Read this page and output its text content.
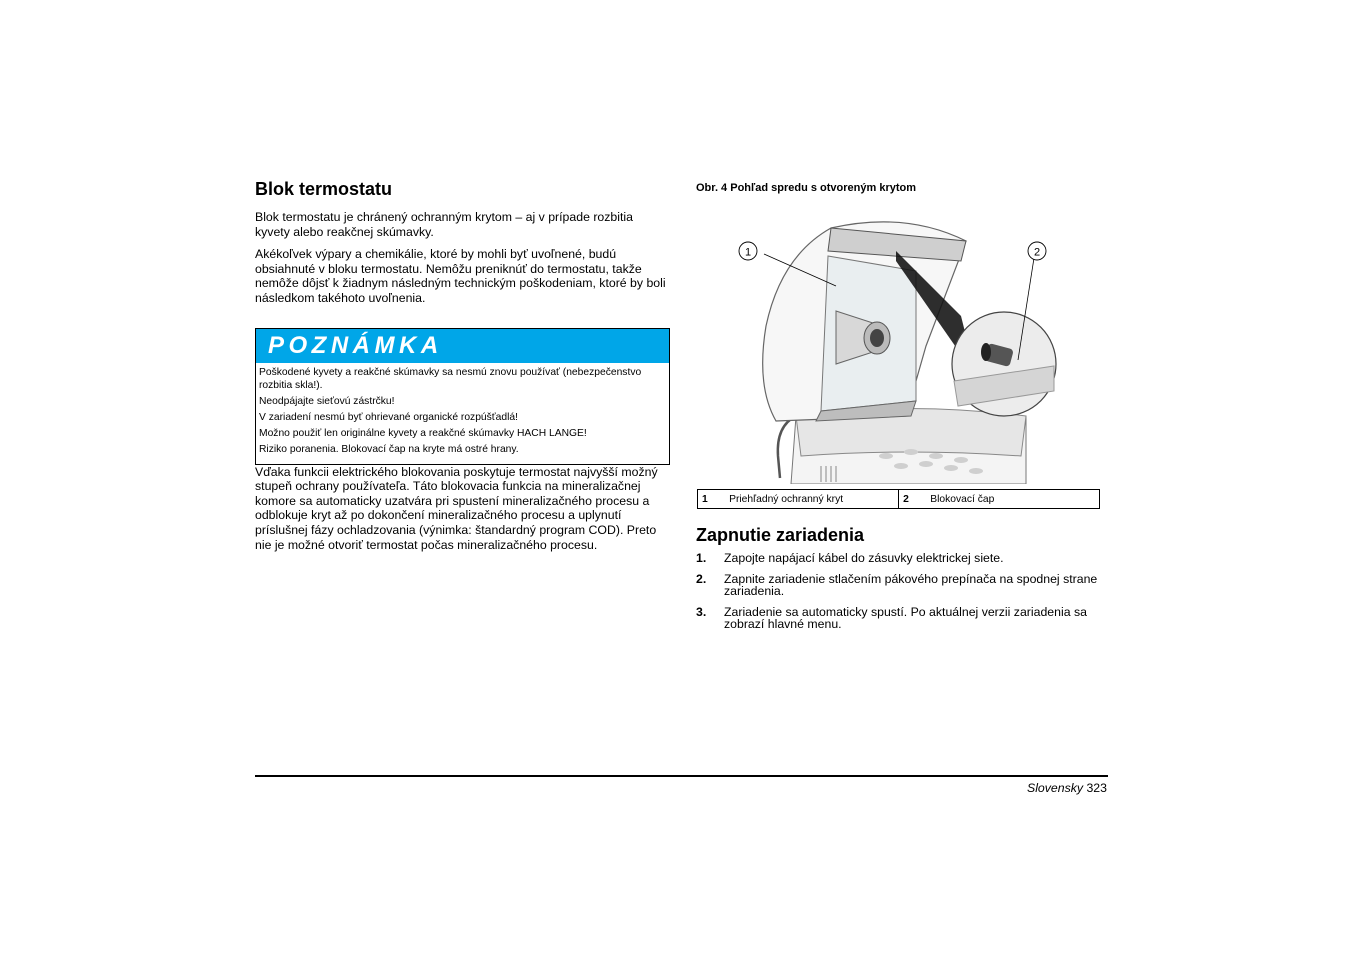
Blok termostatu

Blok termostatu je chránený ochranným krytom – aj v prípade rozbitia kyvety alebo reakčnej skúmavky.

Akékoľvek výpary a chemikálie, ktoré by mohli byť uvoľnené, budú obsiahnuté v bloku termostatu. Nemôžu preniknúť do termostatu, takže nemôže dôjsť k žiadnym následným technickým poškodeniam, ktoré by boli následkom takéhoto uvoľnenia.

POZNÁMKA
Poškodené kyvety a reakčné skúmavky sa nesmú znovu používať (nebezpečenstvo rozbitia skla!).
Neodpájajte sieťovú zástrčku!
V zariadení nesmú byť ohrievané organické rozpúšťadlá!
Možno použiť len originálne kyvety a reakčné skúmavky HACH LANGE!
Riziko poranenia. Blokovací čap na kryte má ostré hrany.

Vďaka funkcii elektrického blokovania poskytuje termostat najvyšší možný stupeň ochrany používateľa. Táto blokovacia funkcia na mineralizačnej komore sa automaticky uzatvára pri spustení mineralizačného procesu a odblokuje kryt až po dokončení mineralizačného procesu a uplynutí príslušnej fázy ochladzovania (výnimka: štandardný program COD). Preto nie je možné otvoriť termostat počas mineralizačného procesu.

Obr. 4 Pohľad spredu s otvoreným krytom

1	2
1	Priehľadný ochranný kryt	2	Blokovací čap
Zapnutie zariadenia
1.	Zapojte napájací kábel do zásuvky elektrickej siete.
2.	Zapnite zariadenie stlačením pákového prepínača na spodnej strane zariadenia.
3.	Zariadenie sa automaticky spustí. Po aktuálnej verzii zariadenia sa zobrazí hlavné menu.
Slovensky 323
